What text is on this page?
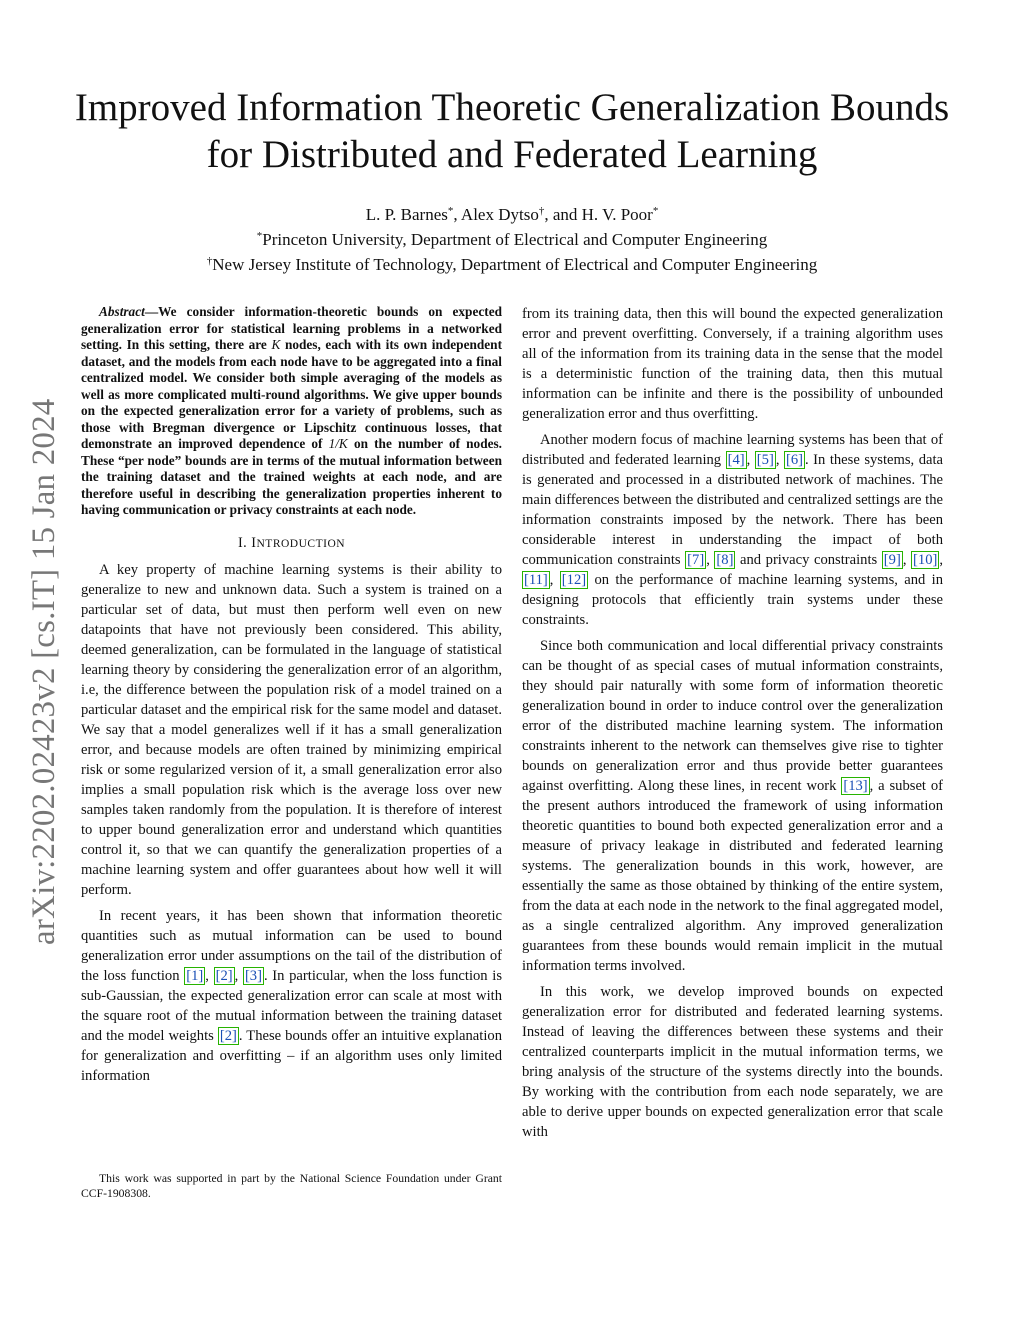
arXiv:2202.02423v2 [cs.IT] 15 Jan 2024
Improved Information Theoretic Generalization Bounds for Distributed and Federated Learning
L. P. Barnes*, Alex Dytso†, and H. V. Poor*
*Princeton University, Department of Electrical and Computer Engineering
†New Jersey Institute of Technology, Department of Electrical and Computer Engineering

Abstract—We consider information-theoretic bounds on expected generalization error for statistical learning problems in a networked setting. In this setting, there are K nodes, each with its own independent dataset, and the models from each node have to be aggregated into a final centralized model. We consider both simple averaging of the models as well as more complicated multi-round algorithms. We give upper bounds on the expected generalization error for a variety of problems, such as those with Bregman divergence or Lipschitz continuous losses, that demonstrate an improved dependence of 1/K on the number of nodes. These “per node” bounds are in terms of the mutual information between the training dataset and the trained weights at each node, and are therefore useful in describing the generalization properties inherent to having communication or privacy constraints at each node.

I. INTRODUCTION

A key property of machine learning systems is their ability to generalize to new and unknown data. Such a system is trained on a particular set of data, but must then perform well even on new datapoints that have not previously been considered. This ability, deemed generalization, can be formulated in the language of statistical learning theory by considering the generalization error of an algorithm, i.e, the difference between the population risk of a model trained on a particular dataset and the empirical risk for the same model and dataset. We say that a model generalizes well if it has a small generalization error, and because models are often trained by minimizing empirical risk or some regularized version of it, a small generalization error also implies a small population risk which is the average loss over new samples taken randomly from the population. It is therefore of interest to upper bound generalization error and understand which quantities control it, so that we can quantify the generalization properties of a machine learning system and offer guarantees about how well it will perform.

In recent years, it has been shown that information theoretic quantities such as mutual information can be used to bound generalization error under assumptions on the tail of the distribution of the loss function [1] , [2] , [3] . In particular, when the loss function is sub-Gaussian, the expected generalization error can scale at most with the square root of the mutual information between the training dataset and the model weights [2] . These bounds offer an intuitive explanation for generalization and overfitting – if an algorithm uses only limited information

This work was supported in part by the National Science Foundation under Grant CCF-1908308.

from its training data, then this will bound the expected generalization error and prevent overfitting. Conversely, if a training algorithm uses all of the information from its training data in the sense that the model is a deterministic function of the training data, then this mutual information can be infinite and there is the possibility of unbounded generalization error and thus overfitting.

Another modern focus of machine learning systems has been that of distributed and federated learning [4] , [5] , [6] . In these systems, data is generated and processed in a distributed network of machines. The main differences between the distributed and centralized settings are the information constraints imposed by the network. There has been considerable interest in understanding the impact of both communication constraints [7] , [8] and privacy constraints [9] , [10] , [11] , [12] on the performance of machine learning systems, and in designing protocols that efficiently train systems under these constraints.

Since both communication and local differential privacy constraints can be thought of as special cases of mutual information constraints, they should pair naturally with some form of information theoretic generalization bound in order to induce control over the generalization error of the distributed machine learning system. The information constraints inherent to the network can themselves give rise to tighter bounds on generalization error and thus provide better guarantees against overfitting. Along these lines, in recent work [13] , a subset of the present authors introduced the framework of using information theoretic quantities to bound both expected generalization error and a measure of privacy leakage in distributed and federated learning systems. The generalization bounds in this work, however, are essentially the same as those obtained by thinking of the entire system, from the data at each node in the network to the final aggregated model, as a single centralized algorithm. Any improved generalization guarantees from these bounds would remain implicit in the mutual information terms involved.

In this work, we develop improved bounds on expected generalization error for distributed and federated learning systems. Instead of leaving the differences between these systems and their centralized counterparts implicit in the mutual information terms, we bring analysis of the structure of the systems directly into the bounds. By working with the contribution from each node separately, we are able to derive upper bounds on expected generalization error that scale with
